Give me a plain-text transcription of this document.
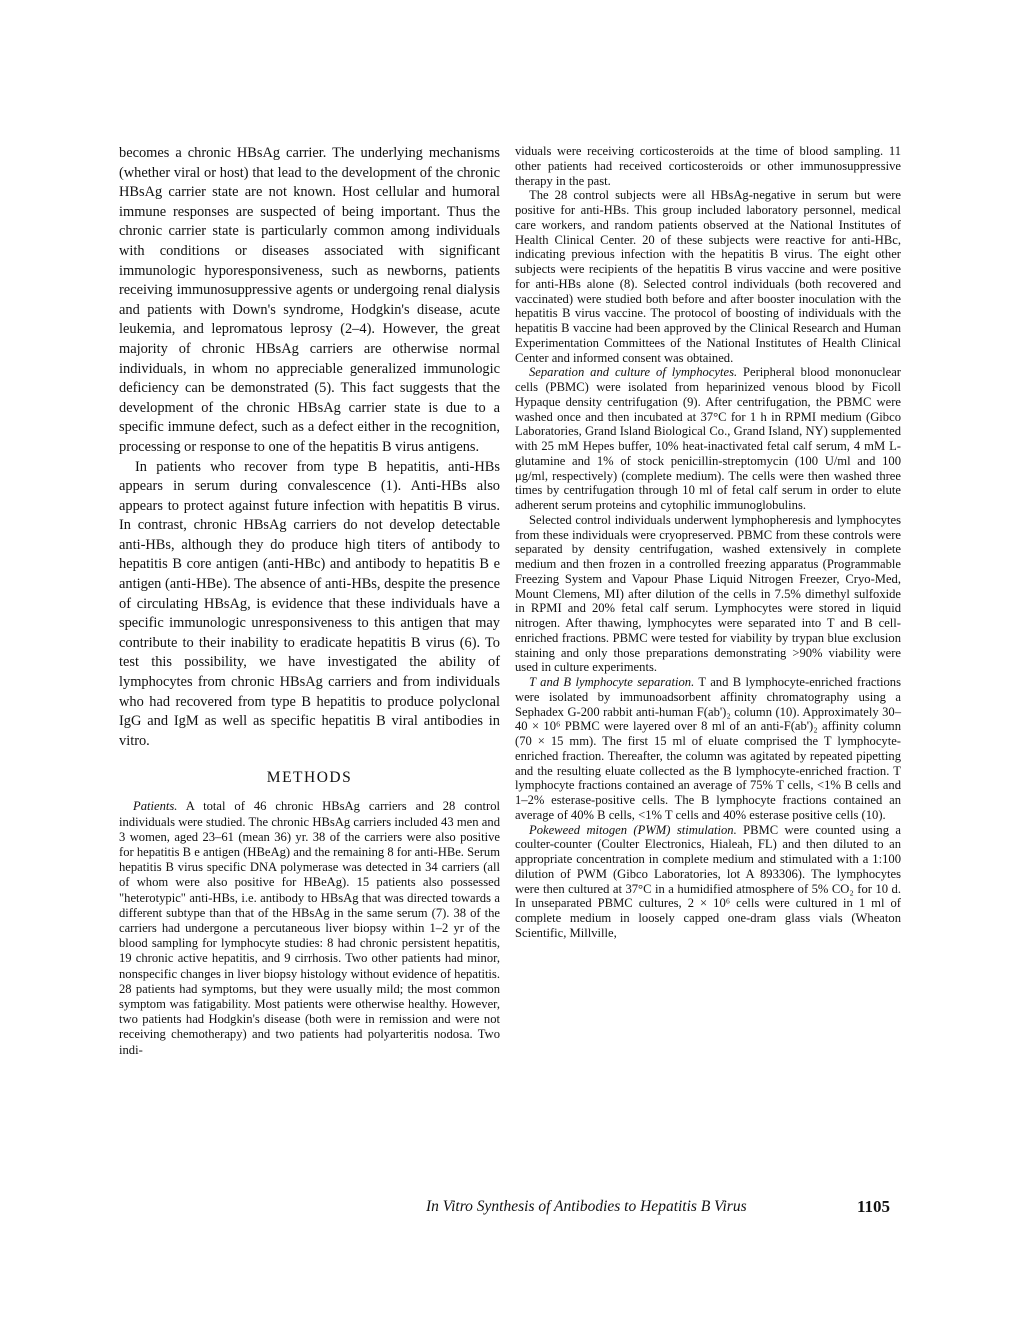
becomes a chronic HBsAg carrier. The underlying mechanisms (whether viral or host) that lead to the development of the chronic HBsAg carrier state are not known. Host cellular and humoral immune responses are suspected of being important. Thus the chronic carrier state is particularly common among individuals with conditions or diseases associated with significant immunologic hyporesponsiveness, such as newborns, patients receiving immunosuppressive agents or undergoing renal dialysis and patients with Down's syndrome, Hodgkin's disease, acute leukemia, and lepromatous leprosy (2–4). However, the great majority of chronic HBsAg carriers are otherwise normal individuals, in whom no appreciable generalized immunologic deficiency can be demonstrated (5). This fact suggests that the development of the chronic HBsAg carrier state is due to a specific immune defect, such as a defect either in the recognition, processing or response to one of the hepatitis B virus antigens.

In patients who recover from type B hepatitis, anti-HBs appears in serum during convalescence (1). Anti-HBs also appears to protect against future infection with hepatitis B virus. In contrast, chronic HBsAg carriers do not develop detectable anti-HBs, although they do produce high titers of antibody to hepatitis B core antigen (anti-HBc) and antibody to hepatitis B e antigen (anti-HBe). The absence of anti-HBs, despite the presence of circulating HBsAg, is evidence that these individuals have a specific immunologic unresponsiveness to this antigen that may contribute to their inability to eradicate hepatitis B virus (6). To test this possibility, we have investigated the ability of lymphocytes from chronic HBsAg carriers and from individuals who had recovered from type B hepatitis to produce polyclonal IgG and IgM as well as specific hepatitis B viral antibodies in vitro.

METHODS

Patients. A total of 46 chronic HBsAg carriers and 28 control individuals were studied. The chronic HBsAg carriers included 43 men and 3 women, aged 23–61 (mean 36) yr. 38 of the carriers were also positive for hepatitis B e antigen (HBeAg) and the remaining 8 for anti-HBe. Serum hepatitis B virus specific DNA polymerase was detected in 34 carriers (all of whom were also positive for HBeAg). 15 patients also possessed "heterotypic" anti-HBs, i.e. antibody to HBsAg that was directed towards a different subtype than that of the HBsAg in the same serum (7). 38 of the carriers had undergone a percutaneous liver biopsy within 1–2 yr of the blood sampling for lymphocyte studies: 8 had chronic persistent hepatitis, 19 chronic active hepatitis, and 9 cirrhosis. Two other patients had minor, nonspecific changes in liver biopsy histology without evidence of hepatitis. 28 patients had symptoms, but they were usually mild; the most common symptom was fatigability. Most patients were otherwise healthy. However, two patients had Hodgkin's disease (both were in remission and were not receiving chemotherapy) and two patients had polyarteritis nodosa. Two indi-

viduals were receiving corticosteroids at the time of blood sampling. 11 other patients had received corticosteroids or other immunosuppressive therapy in the past.

The 28 control subjects were all HBsAg-negative in serum but were positive for anti-HBs. This group included laboratory personnel, medical care workers, and random patients observed at the National Institutes of Health Clinical Center. 20 of these subjects were reactive for anti-HBc, indicating previous infection with the hepatitis B virus. The eight other subjects were recipients of the hepatitis B virus vaccine and were positive for anti-HBs alone (8). Selected control individuals (both recovered and vaccinated) were studied both before and after booster inoculation with the hepatitis B virus vaccine. The protocol of boosting of individuals with the hepatitis B vaccine had been approved by the Clinical Research and Human Experimentation Committees of the National Institutes of Health Clinical Center and informed consent was obtained.

Separation and culture of lymphocytes. Peripheral blood mononuclear cells (PBMC) were isolated from heparinized venous blood by Ficoll Hypaque density centrifugation (9). After centrifugation, the PBMC were washed once and then incubated at 37°C for 1 h in RPMI medium (Gibco Laboratories, Grand Island Biological Co., Grand Island, NY) supplemented with 25 mM Hepes buffer, 10% heat-inactivated fetal calf serum, 4 mM L-glutamine and 1% of stock penicillin-streptomycin (100 U/ml and 100 μg/ml, respectively) (complete medium). The cells were then washed three times by centrifugation through 10 ml of fetal calf serum in order to elute adherent serum proteins and cytophilic immunoglobulins.

Selected control individuals underwent lymphopheresis and lymphocytes from these individuals were cryopreserved. PBMC from these controls were separated by density centrifugation, washed extensively in complete medium and then frozen in a controlled freezing apparatus (Programmable Freezing System and Vapour Phase Liquid Nitrogen Freezer, Cryo-Med, Mount Clemens, MI) after dilution of the cells in 7.5% dimethyl sulfoxide in RPMI and 20% fetal calf serum. Lymphocytes were stored in liquid nitrogen. After thawing, lymphocytes were separated into T and B cell-enriched fractions. PBMC were tested for viability by trypan blue exclusion staining and only those preparations demonstrating >90% viability were used in culture experiments.

T and B lymphocyte separation. T and B lymphocyte-enriched fractions were isolated by immunoadsorbent affinity chromatography using a Sephadex G-200 rabbit anti-human F(ab')₂ column (10). Approximately 30–40 × 10⁶ PBMC were layered over 8 ml of an anti-F(ab')₂ affinity column (70 × 15 mm). The first 15 ml of eluate comprised the T lymphocyte-enriched fraction. Thereafter, the column was agitated by repeated pipetting and the resulting eluate collected as the B lymphocyte-enriched fraction. T lymphocyte fractions contained an average of 75% T cells, <1% B cells and 1–2% esterase-positive cells. The B lymphocyte fractions contained an average of 40% B cells, <1% T cells and 40% esterase positive cells (10).

Pokeweed mitogen (PWM) stimulation. PBMC were counted using a coulter-counter (Coulter Electronics, Hialeah, FL) and then diluted to an appropriate concentration in complete medium and stimulated with a 1:100 dilution of PWM (Gibco Laboratories, lot A 893306). The lymphocytes were then cultured at 37°C in a humidified atmosphere of 5% CO₂ for 10 d. In unseparated PBMC cultures, 2 × 10⁶ cells were cultured in 1 ml of complete medium in loosely capped one-dram glass vials (Wheaton Scientific, Millville,

In Vitro Synthesis of Antibodies to Hepatitis B Virus	1105
